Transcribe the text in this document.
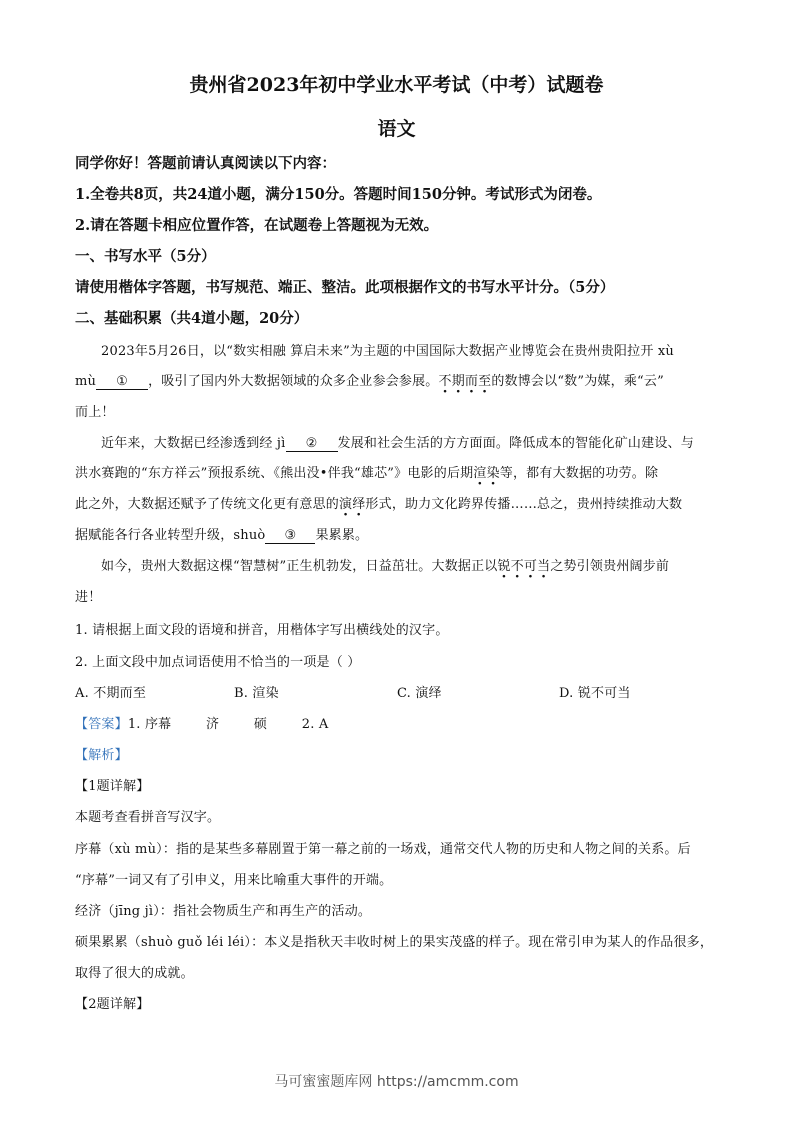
贵州省2023年初中学业水平考试（中考）试题卷
语文
同学你好！答题前请认真阅读以下内容：
1.全卷共8页，共24道小题，满分150分。答题时间150分钟。考试形式为闭卷。
2.请在答题卡相应位置作答，在试题卷上答题视为无效。
一、书写水平（5分）
请使用楷体字答题，书写规范、端正、整洁。此项根据作文的书写水平计分。（5分）
二、基础积累（共4道小题，20分）
2023年5月26日，以“数实相融 算启未来”为主题的中国国际大数据产业博览会在贵州贵阳拉开 xù
mù ① ，吸引了国内外大数据领域的众多企业参会参展。不期而至的数博会以“数”为媒，乘“云”
而上！
近年来，大数据已经渗透到经 jì ② 发展和社会生活的方方面面。降低成本的智能化矿山建设、与
洪水赛跑的“东方祥云”预报系统、《熊出没•伴我“雄芯”》电影的后期渲染等，都有大数据的功劳。除
此之外，大数据还赋予了传统文化更有意思的演绎形式，助力文化跨界传播……总之，贵州持续推动大数
据赋能各行各业转型升级，shuò ③ 果累累。
如今，贵州大数据这棵“智慧树”正生机勃发，日益茁壮。大数据正以锐不可当之势引领贵州阔步前
进！
1. 请根据上面文段的语境和拼音，用楷体字写出横线处的汉字。
2. 上面文段中加点词语使用不恰当的一项是（ ）
A. 不期而至	B. 渲染	C. 演绎	D. 锐不可当
【答案】1. 序幕        济        硕        2. A
【解析】
【1题详解】
本题考查看拼音写汉字。
序幕（xù mù）：指的是某些多幕剧置于第一幕之前的一场戏，通常交代人物的历史和人物之间的关系。后
“序幕”一词又有了引申义，用来比喻重大事件的开端。
经济（jīng jì）：指社会物质生产和再生产的活动。
硕果累累（shuò guǒ léi léi）：本义是指秋天丰收时树上的果实茂盛的样子。现在常引申为某人的作品很多，
取得了很大的成就。
【2题详解】
马可蜜蜜题库网 https://amcmm.com
